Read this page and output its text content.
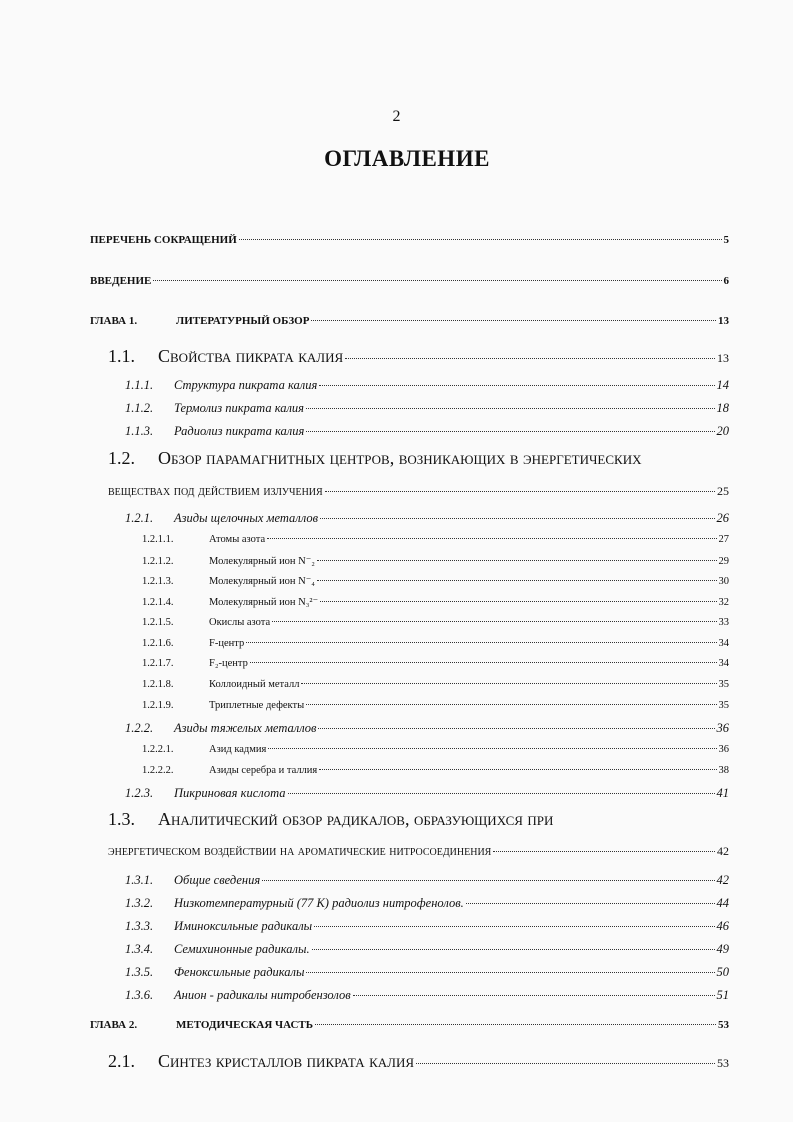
2
ОГЛАВЛЕНИЕ
ПЕРЕЧЕНЬ СОКРАЩЕНИЙ	5
ВВЕДЕНИЕ	6
ГЛАВА 1.	ЛИТЕРАТУРНЫЙ ОБЗОР	13
1.1.	Свойства пикрата калия	13
1.1.1.	Структура пикрата калия	14
1.1.2.	Термолиз пикрата калия	18
1.1.3.	Радиолиз пикрата калия	20
1.2.	Обзор парамагнитных центров, возникающих в энергетических
веществах под действием излучения	25
1.2.1.	Азиды щелочных металлов	26
1.2.1.1.	Атомы азота	27
1.2.1.2.	Молекулярный ион N⁻₂	29
1.2.1.3.	Молекулярный ион N⁻₄	30
1.2.1.4.	Молекулярный ион N₃²⁻	32
1.2.1.5.	Окислы азота	33
1.2.1.6.	F-центр	34
1.2.1.7.	F₂-центр	34
1.2.1.8.	Коллоидный металл	35
1.2.1.9.	Триплетные дефекты	35
1.2.2.	Азиды тяжелых металлов	36
1.2.2.1.	Азид кадмия	36
1.2.2.2.	Азиды серебра и таллия	38
1.2.3.	Пикриновая кислота	41
1.3.	Аналитический обзор радикалов, образующихся при
энергетическом воздействии на ароматические нитросоединения	42
1.3.1.	Общие сведения	42
1.3.2.	Низкотемпературный (77 К) радиолиз нитрофенолов.	44
1.3.3.	Иминоксильные радикалы	46
1.3.4.	Семихинонные радикалы.	49
1.3.5.	Феноксильные радикалы	50
1.3.6.	Анион - радикалы нитробензолов	51
ГЛАВА 2.	МЕТОДИЧЕСКАЯ ЧАСТЬ	53
2.1.	Синтез кристаллов пикрата калия	53
